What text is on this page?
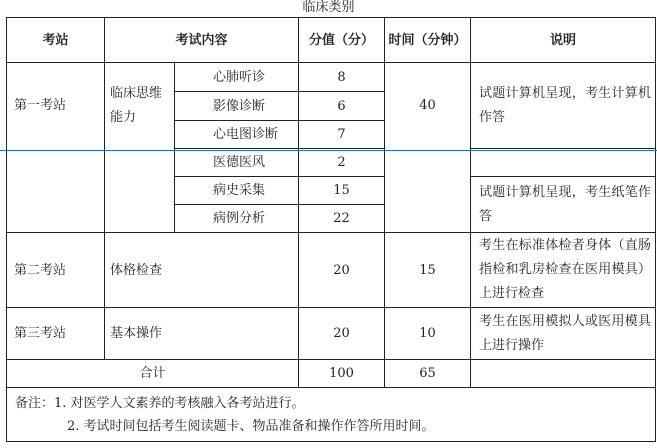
临床类别
考站	考试内容		分值（分）	时间（分钟）	说明
第一考站	临床思维能力	心肺听诊	8	40	试题计算机呈现，考生计算机作答
		影像诊断	6		
		心电图诊断	7		
		医德医风	2		
		病史采集	15		试题计算机呈现，考生纸笔作答
		病例分析	22		
第二考站	体格检查		20	15	考生在标准体检者身体（直肠指检和乳房检查在医用模具）上进行检查
第三考站	基本操作		20	10	考生在医用模拟人或医用模具上进行操作
合计			100	65	

备注：1. 对医学人文素养的考核融入各考站进行。
2. 考试时间包括考生阅读题卡、物品准备和操作作答所用时间。					
